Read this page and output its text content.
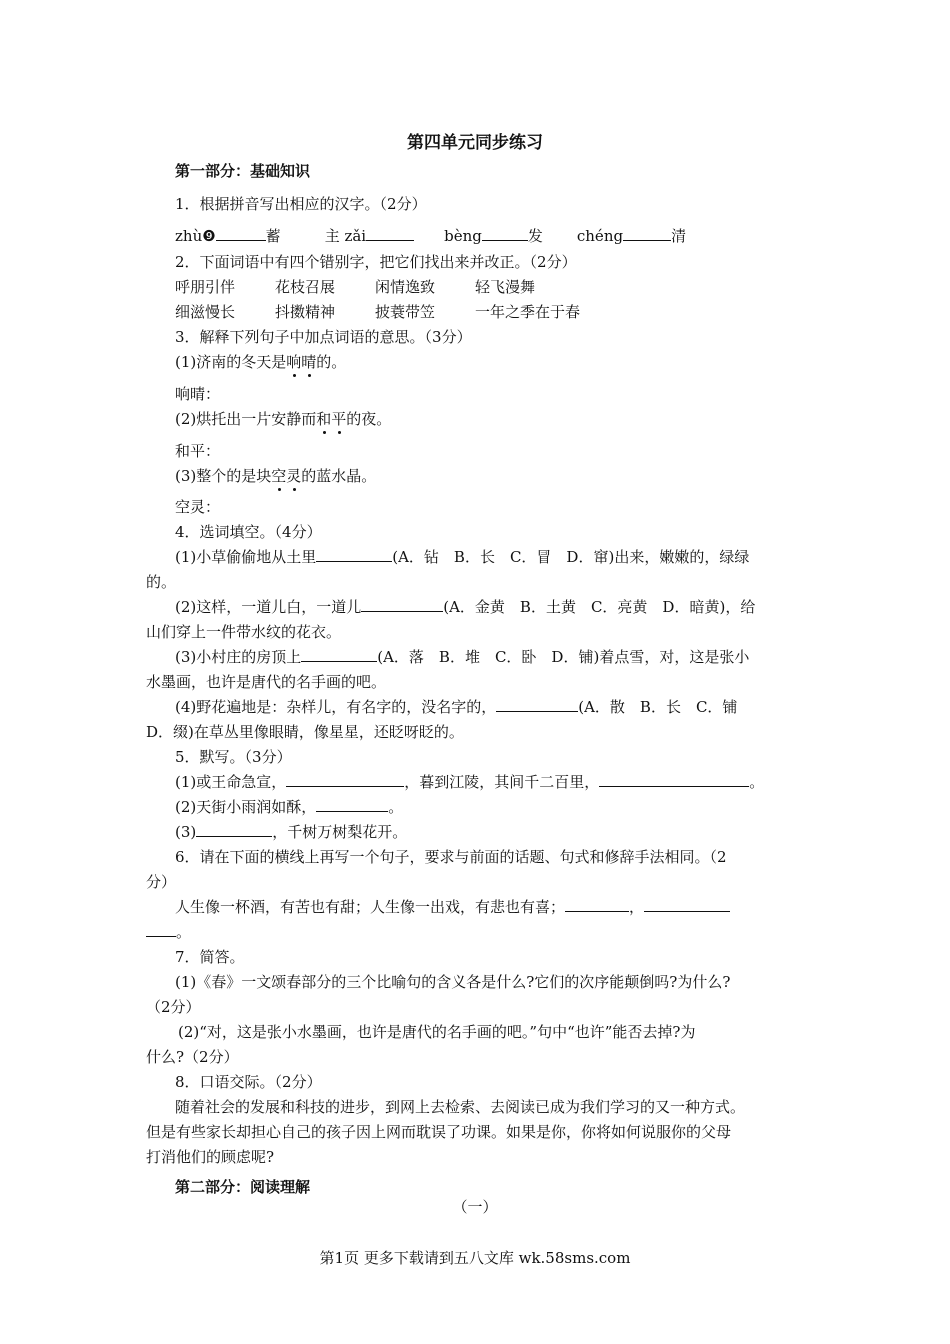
第四单元同步练习
第一部分：基础知识
1．根据拼音写出相应的汉字。（2分）
zhù❾	蓄	主 zǎi	bèng	发 chéng	清
2．下面词语中有四个错别字，把它们找出来并改正。（2分）
呼朋引伴	花枝召展	闲情逸致	轻飞漫舞
细滋慢长	抖擞精神	披蓑带笠	一年之季在于春
3．解释下列句子中加点词语的意思。（3分）
(1)济南的冬天是响晴的。
响晴：
(2)烘托出一片安静而和平的夜。
和平：
(3)整个的是块空灵的蓝水晶。
空灵：
4．选词填空。（4分）
(1)小草偷偷地从土里	(A．钻　B．长　C．冒　D．窜)出来，嫩嫩的，绿绿
的。
(2)这样，一道儿白，一道儿	(A．金黄　B．土黄　C．亮黄　D．暗黄)，给
山们穿上一件带水纹的花衣。
(3)小村庄的房顶上	(A．落　B．堆　C．卧　D．铺)着点雪，对，这是张小
水墨画，也许是唐代的名手画的吧。
(4)野花遍地是：杂样儿，有名字的，没名字的，	(A．散　B．长　C．铺
D．缀)在草丛里像眼睛，像星星，还眨呀眨的。
5．默写。（3分）
(1)或王命急宣，	，暮到江陵，其间千二百里，	。
(2)天街小雨润如酥，	。
(3)	，千树万树梨花开。
6．请在下面的横线上再写一个句子，要求与前面的话题、句式和修辞手法相同。（2
分）
人生像一杯酒，有苦也有甜；人生像一出戏，有悲也有喜；	，
。
7．简答。
(1)《春》一文颂春部分的三个比喻句的含义各是什么?它们的次序能颠倒吗?为什么?
（2分）
(2)“对，这是张小水墨画，也许是唐代的名手画的吧。”句中“也许”能否去掉?为
什么?（2分）
8．口语交际。（2分）
随着社会的发展和科技的进步，到网上去检索、去阅读已成为我们学习的又一种方式。
但是有些家长却担心自己的孩子因上网而耽误了功课。如果是你，你将如何说服你的父母
打消他们的顾虑呢?
第二部分：阅读理解
（一）
第1页 更多下载请到五八文库 wk.58sms.com
